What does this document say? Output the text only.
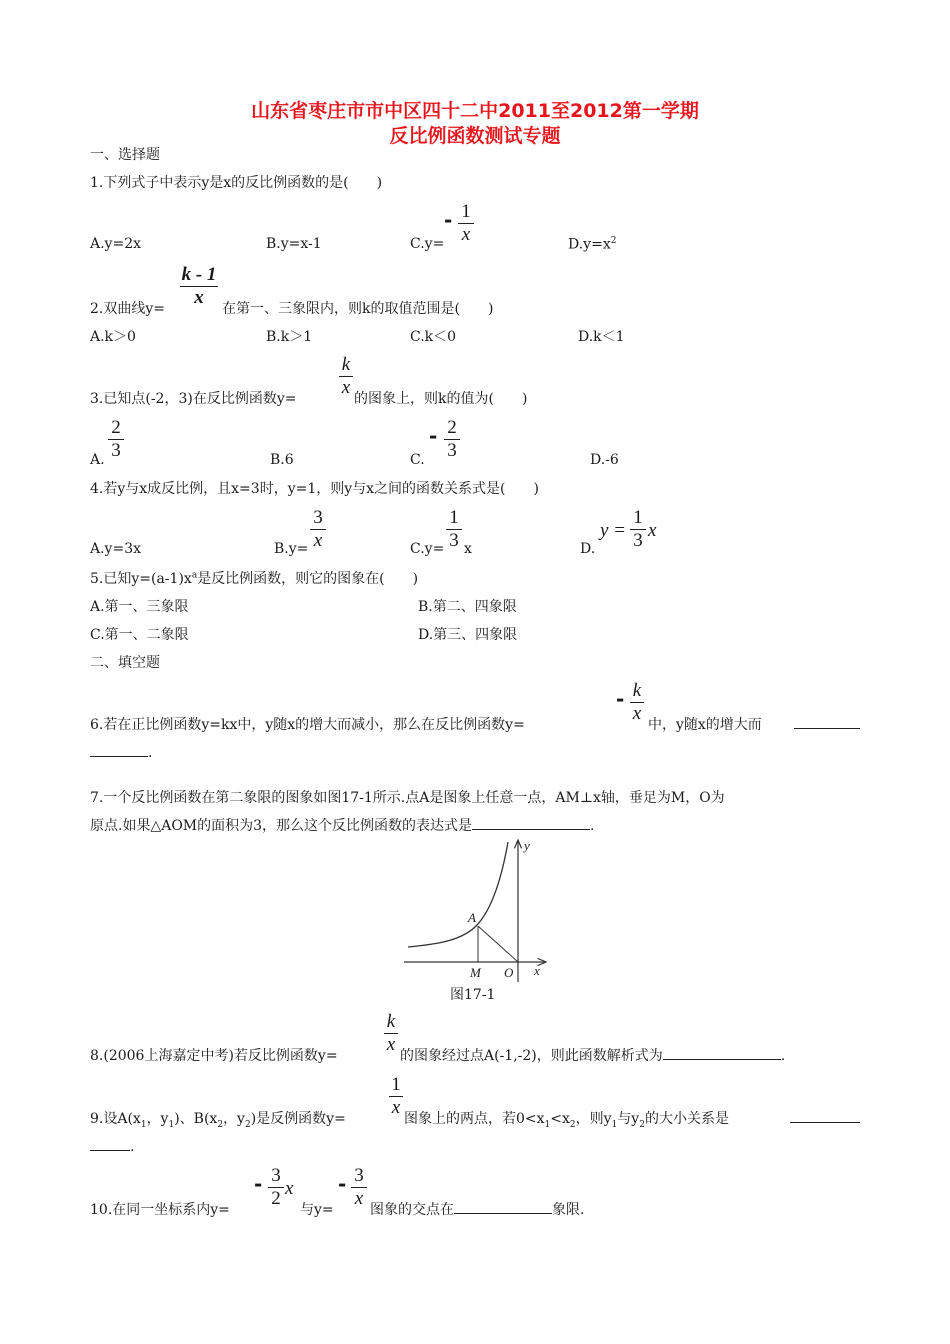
山东省枣庄市市中区四十二中2011至2012第一学期
反比例函数测试专题
一、选择题
1.下列式子中表示y是x的反比例函数的是(　　)
A.y=2x	B.y=x-1	C.y=
- $\frac{1}{x}$	$D.y=x^2$
2.双曲线$y= \frac{k - 1}{x}$ 在第一、三象限内，则k的取值范围是(　　)
A.k＞0	B.k＞1	C.k＜0	D.k＜1
3.已知点(-2，3)在反比例函数$y= \frac{k}{x}$ 的图象上，则k的值为(　　)
A. $\frac{2}{3}$	B.6	C.
- $\frac{2}{3}$	D.-6
4.若y与x成反比例，且x=3时，y=1，则y与x之间的函数关系式是(　　)
A.y=3x	$B.y= \frac{3}{x}$	$C.y= \frac{1}{3}$ x	D.
$y = \frac{1}{3}$ x
5.已知$y=(a-1)x^a$是反比例函数，则它的图象在(　　)
A.第一、三象限	B.第二、四象限
C.第一、二象限	D.第三、四象限
二、填空题
6.若在正比例函数y=kx中，y随x的增大而减小，那么在反比例函数y=
- $\frac{k}{x}$ 中，y随x的增大而
.
7.一个反比例函数在第二象限的图象如图17-1所示.点A是图象上任意一点，AM⊥x轴，垂足为M，O为
原点.如果△AOM的面积为3，那么这个反比例函数的表达式是	.
A
M O x
y
图17-1
8.(2006上海嘉定中考)若反比例函数$y= \frac{k}{x}$ 的图象经过点A(-1,-2)，则此函数解析式为	.
9.设$A(x_1$，$y_1$)、$B(x_2$，$y_2$)是反例函数$y= \frac{1}{x}$ 图象上的两点，若$0<x_1<x_2$，则$y_1$与$y_2$的大小关系是
.
10.在同一坐标系内y=
- $\frac{3}{2}$ x
与y=
- $\frac{3}{x}$ 图象的交点在	象限.
